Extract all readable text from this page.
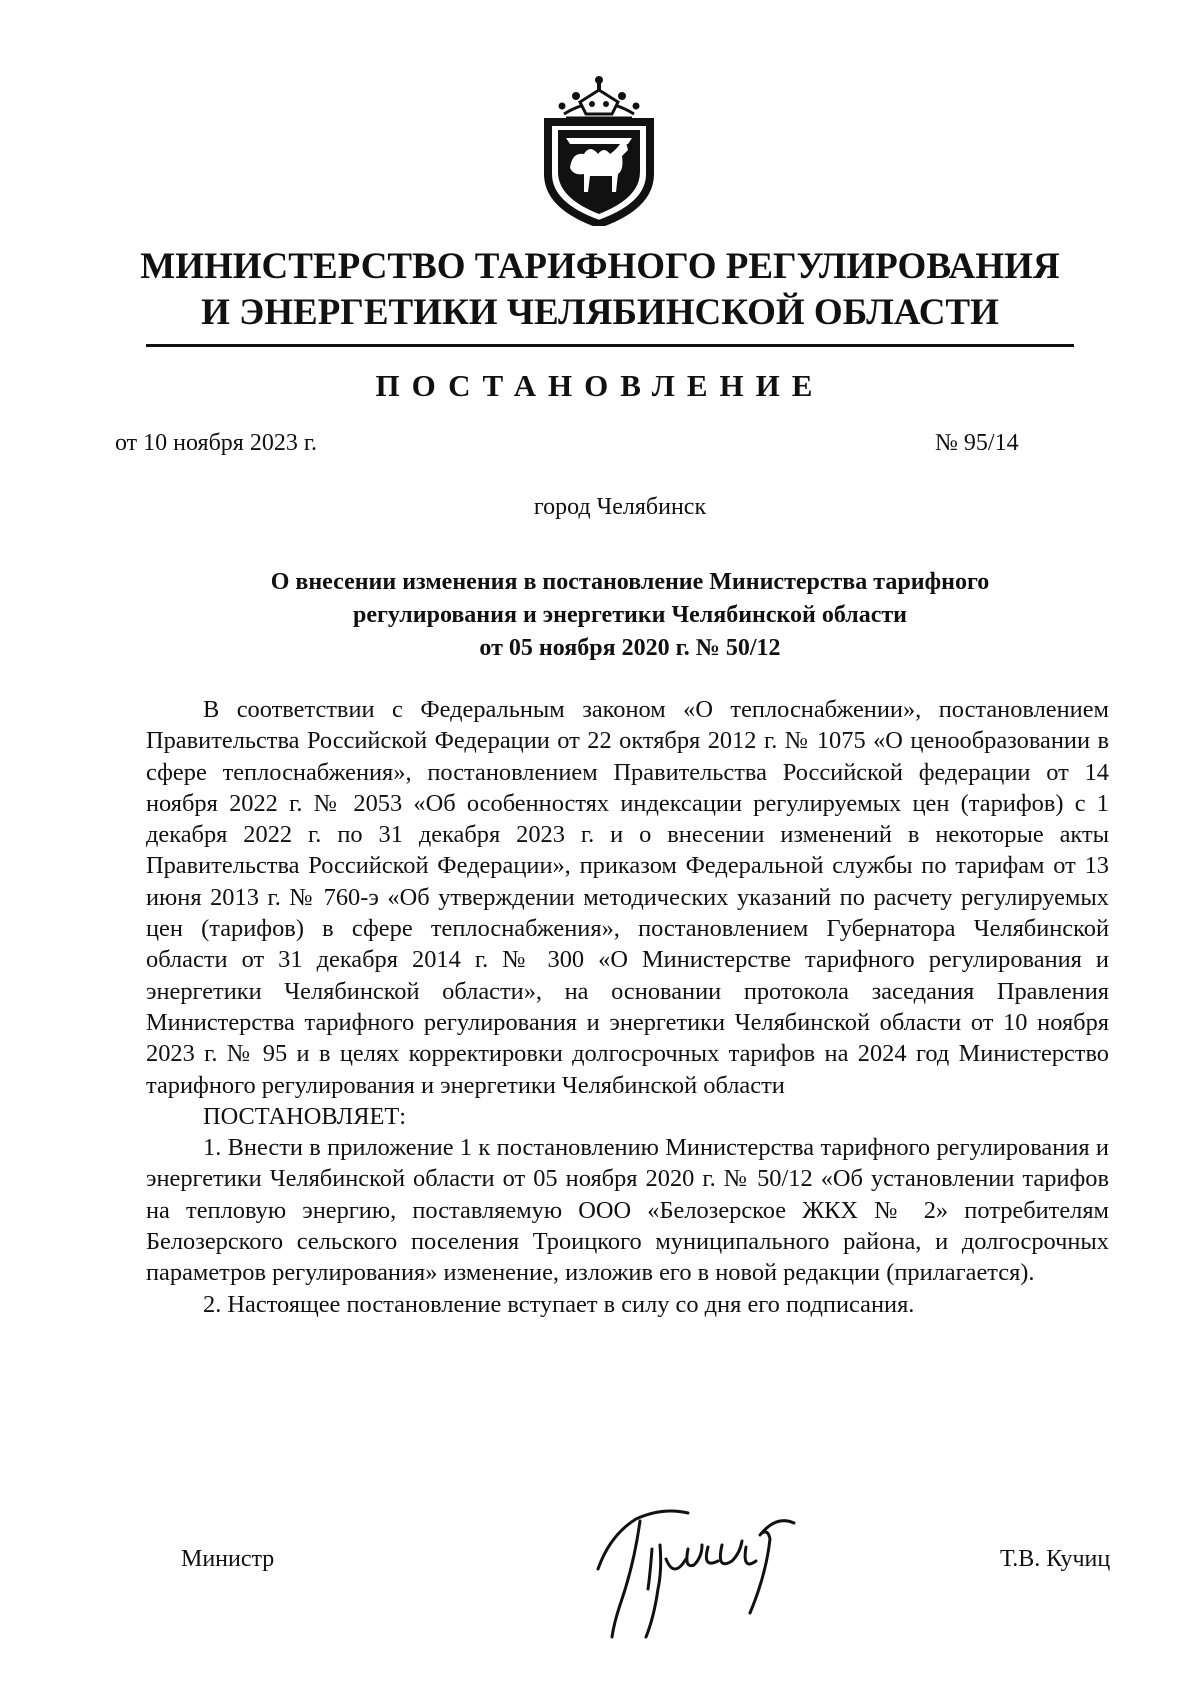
МИНИСТЕРСТВО ТАРИФНОГО РЕГУЛИРОВАНИЯ
И ЭНЕРГЕТИКИ ЧЕЛЯБИНСКОЙ ОБЛАСТИ
ПОСТАНОВЛЕНИЕ
от 10 ноября 2023 г.	№ 95/14
город Челябинск
О внесении изменения в постановление Министерства тарифного
регулирования и энергетики Челябинской области
от 05 ноября 2020 г. № 50/12

В соответствии с Федеральным законом «О теплоснабжении», постановлением Правительства Российской Федерации от 22 октября 2012 г. № 1075 «О ценообразовании в сфере теплоснабжения», постановлением Правительства Российской федерации от 14 ноября 2022 г. № 2053 «Об особенностях индексации регулируемых цен (тарифов) с 1 декабря 2022 г. по 31 декабря 2023 г. и о внесении изменений в некоторые акты Правительства Российской Федерации», приказом Федеральной службы по тарифам от 13 июня 2013 г. № 760-э «Об утверждении методических указаний по расчету регулируемых цен (тарифов) в сфере теплоснабжения», постановлением Губернатора Челябинской области от 31 декабря 2014 г. № 300 «О Министерстве тарифного регулирования и энергетики Челябинской области», на основании протокола заседания Правления Министерства тарифного регулирования и энергетики Челябинской области от 10 ноября 2023 г. № 95 и в целях корректировки долгосрочных тарифов на 2024 год Министерство тарифного регулирования и энергетики Челябинской области

ПОСТАНОВЛЯЕТ:

1. Внести в приложение 1 к постановлению Министерства тарифного регулирования и энергетики Челябинской области от 05 ноября 2020 г. № 50/12 «Об установлении тарифов на тепловую энергию, поставляемую ООО «Белозерское ЖКХ № 2» потребителям Белозерского сельского поселения Троицкого муниципального района, и долгосрочных параметров регулирования» изменение, изложив его в новой редакции (прилагается).

2. Настоящее постановление вступает в силу со дня его подписания.

Министр	Т.В. Кучиц
